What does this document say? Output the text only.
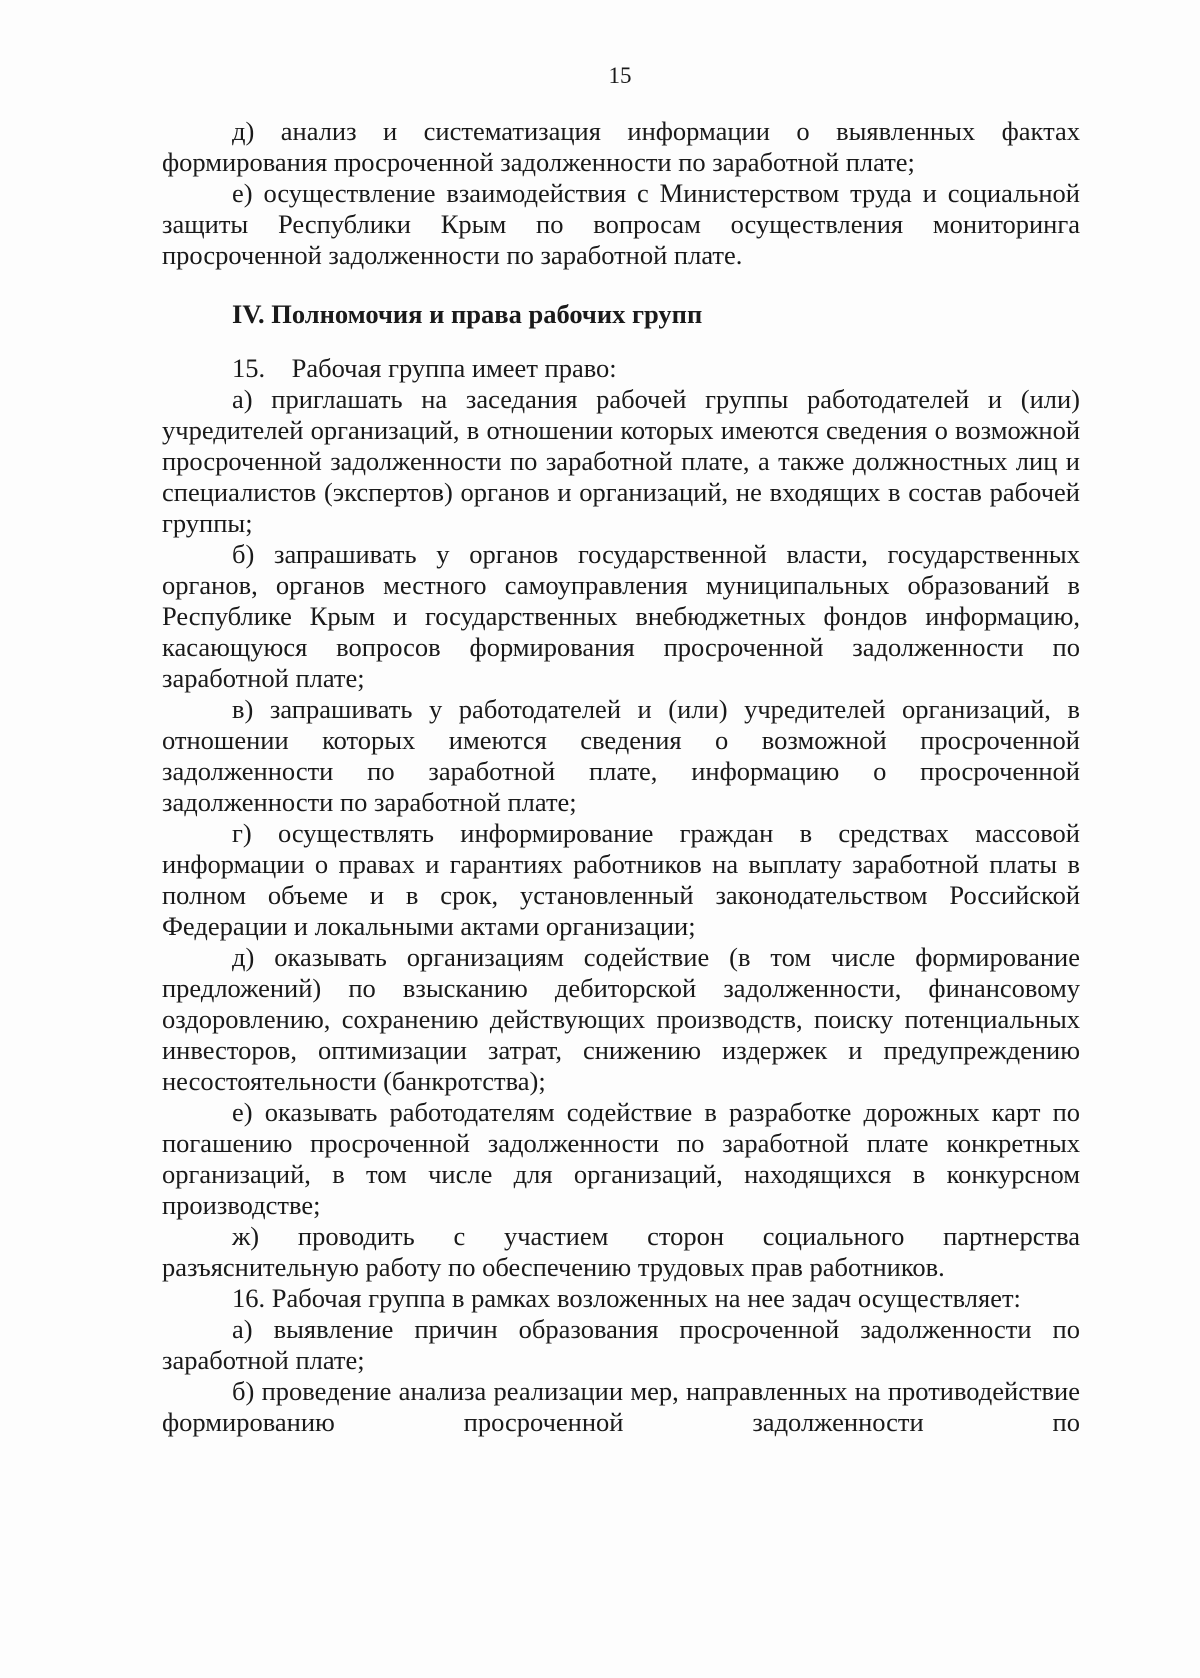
15

д) анализ и систематизация информации о выявленных фактах формирования просроченной задолженности по заработной плате;

е) осуществление взаимодействия с Министерством труда и социальной защиты Республики Крым по вопросам осуществления мониторинга просроченной задолженности по заработной плате.

IV. Полномочия и права рабочих групп

15.    Рабочая группа имеет право:

а) приглашать на заседания рабочей группы работодателей и (или) учредителей организаций, в отношении которых имеются сведения о возможной просроченной задолженности по заработной плате, а также должностных лиц и специалистов (экспертов) органов и организаций, не входящих в состав рабочей группы;

б) запрашивать у органов государственной власти, государственных органов, органов местного самоуправления муниципальных образований в Республике Крым и государственных внебюджетных фондов информацию, касающуюся вопросов формирования просроченной задолженности по заработной плате;

в) запрашивать у работодателей и (или) учредителей организаций, в отношении которых имеются сведения о возможной просроченной задолженности по заработной плате, информацию о просроченной задолженности по заработной плате;

г) осуществлять информирование граждан в средствах массовой информации о правах и гарантиях работников на выплату заработной платы в полном объеме и в срок, установленный законодательством Российской Федерации и локальными актами организации;

д) оказывать организациям содействие (в том числе формирование предложений) по взысканию дебиторской задолженности, финансовому оздоровлению, сохранению действующих производств, поиску потенциальных инвесторов, оптимизации затрат, снижению издержек и предупреждению несостоятельности (банкротства);

е) оказывать работодателям содействие в разработке дорожных карт по погашению просроченной задолженности по заработной плате конкретных организаций, в том числе для организаций, находящихся в конкурсном производстве;

ж) проводить с участием сторон социального партнерства разъяснительную работу по обеспечению трудовых прав работников.

16. Рабочая группа в рамках возложенных на нее задач осуществляет:

а) выявление причин образования просроченной задолженности по заработной плате;

б) проведение анализа реализации мер, направленных на противодействие формированию просроченной задолженности по
